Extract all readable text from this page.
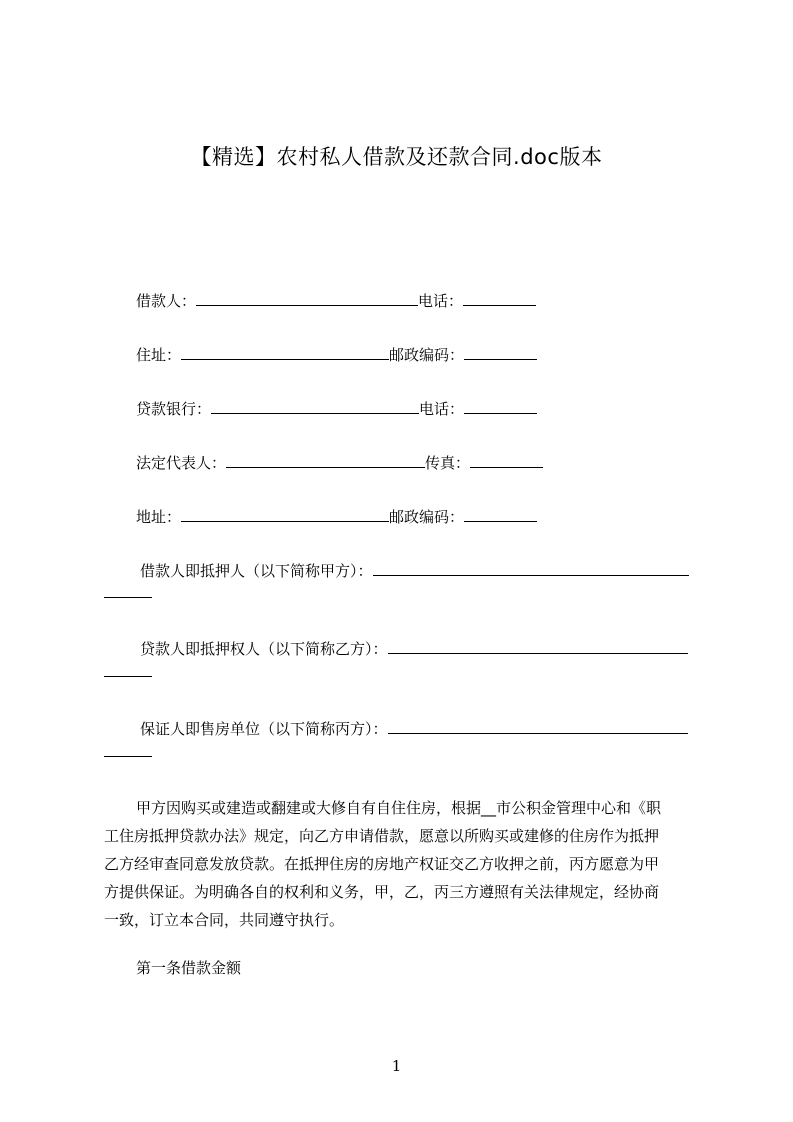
【精选】农村私人借款及还款合同.doc版本
借款人：	电话：
住址：	邮政编码：
贷款银行：	电话：
法定代表人：	传真：
地址：	邮政编码：
借款人即抵押人（以下简称甲方）：
贷款人即抵押权人（以下简称乙方）：
保证人即售房单位（以下简称丙方）：
甲方因购买或建造或翻建或大修自有自住住房，根据__市公积金管理中心和《职
工住房抵押贷款办法》规定，向乙方申请借款，愿意以所购买或建修的住房作为抵押
乙方经审查同意发放贷款。在抵押住房的房地产权证交乙方收押之前，丙方愿意为甲
方提供保证。为明确各自的权利和义务，甲，乙，丙三方遵照有关法律规定，经协商
一致，订立本合同，共同遵守执行。
第一条借款金额
1
